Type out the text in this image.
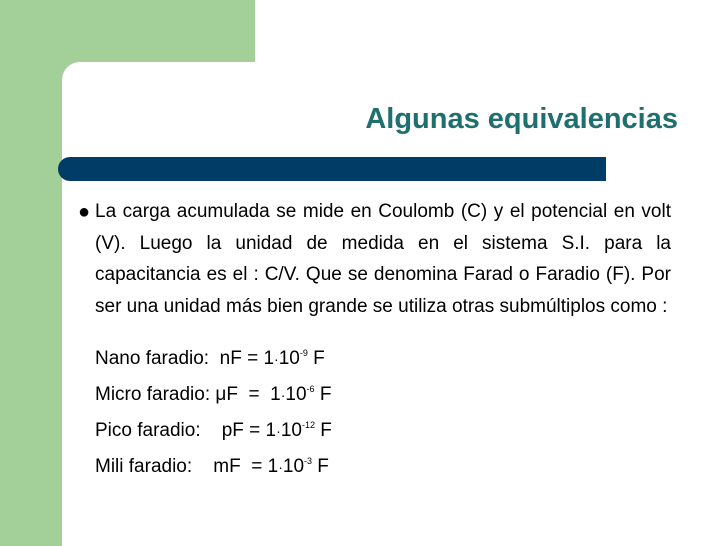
Algunas equivalencias
● La carga acumulada se mide en Coulomb (C) y el potencial en volt (V). Luego la unidad de medida en el sistema S.I. para la capacitancia es el : C/V. Que se denomina Farad o Faradio (F). Por ser una unidad más bien grande se utiliza otras submúltiplos como :
Nano faradio:  nF = $1\cdot 10^{-9}$ F
Micro faradio: $\mu F = 1\cdot 10^{-6}$ F
Pico faradio:    pF = $1\cdot 10^{-12}$ F
Mili faradio:    mF  = $1\cdot 10^{-3}$ F
